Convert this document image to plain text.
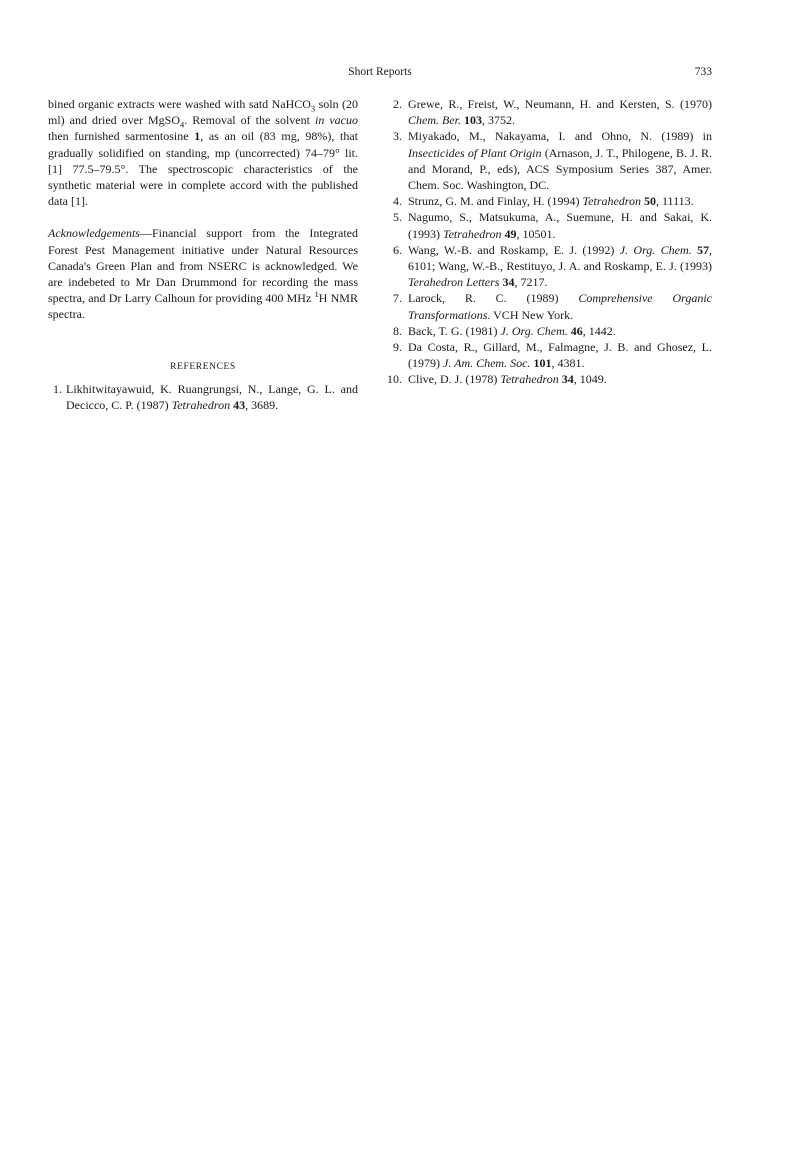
Short Reports	733

bined organic extracts were washed with satd NaHCO$_3$ soln (20 ml) and dried over MgSO$_4$. Removal of the solvent in vacuo then furnished sarmentosine 1, as an oil (83 mg, 98%), that gradually solidified on standing, mp (uncorrected) 74–79° lit. [1] 77.5–79.5°. The spectroscopic characteristics of the synthetic material were in complete accord with the published data [1].

Acknowledgements—Financial support from the Integrated Forest Pest Management initiative under Natural Resources Canada's Green Plan and from NSERC is acknowledged. We are indebeted to Mr Dan Drummond for recording the mass spectra, and Dr Larry Calhoun for providing 400 MHz $^1$H NMR spectra.

REFERENCES

1. Likhitwitayawuid, K. Ruangrungsi, N., Lange, G. L. and Decicco, C. P. (1987) Tetrahedron 43, 3689.

2. Grewe, R., Freist, W., Neumann, H. and Kersten, S. (1970) Chem. Ber. 103, 3752.

3. Miyakado, M., Nakayama, I. and Ohno, N. (1989) in Insecticides of Plant Origin (Arnason, J. T., Philogene, B. J. R. and Morand, P., eds), ACS Symposium Series 387, Amer. Chem. Soc. Washington, DC.

4. Strunz, G. M. and Finlay, H. (1994) Tetrahedron 50, 11113.

5. Nagumo, S., Matsukuma, A., Suemune, H. and Sakai, K. (1993) Tetrahedron 49, 10501.

6. Wang, W.-B. and Roskamp, E. J. (1992) J. Org. Chem. 57, 6101; Wang, W.-B., Restituyo, J. A. and Roskamp, E. J. (1993) Terahedron Letters 34, 7217.

7. Larock, R. C. (1989) Comprehensive Organic Transformations. VCH New York.

8. Back, T. G. (1981) J. Org. Chem. 46, 1442.

9. Da Costa, R., Gillard, M., Falmagne, J. B. and Ghosez, L.(1979) J. Am. Chem. Soc. 101, 4381.

10. Clive, D. J. (1978) Tetrahedron 34, 1049.
